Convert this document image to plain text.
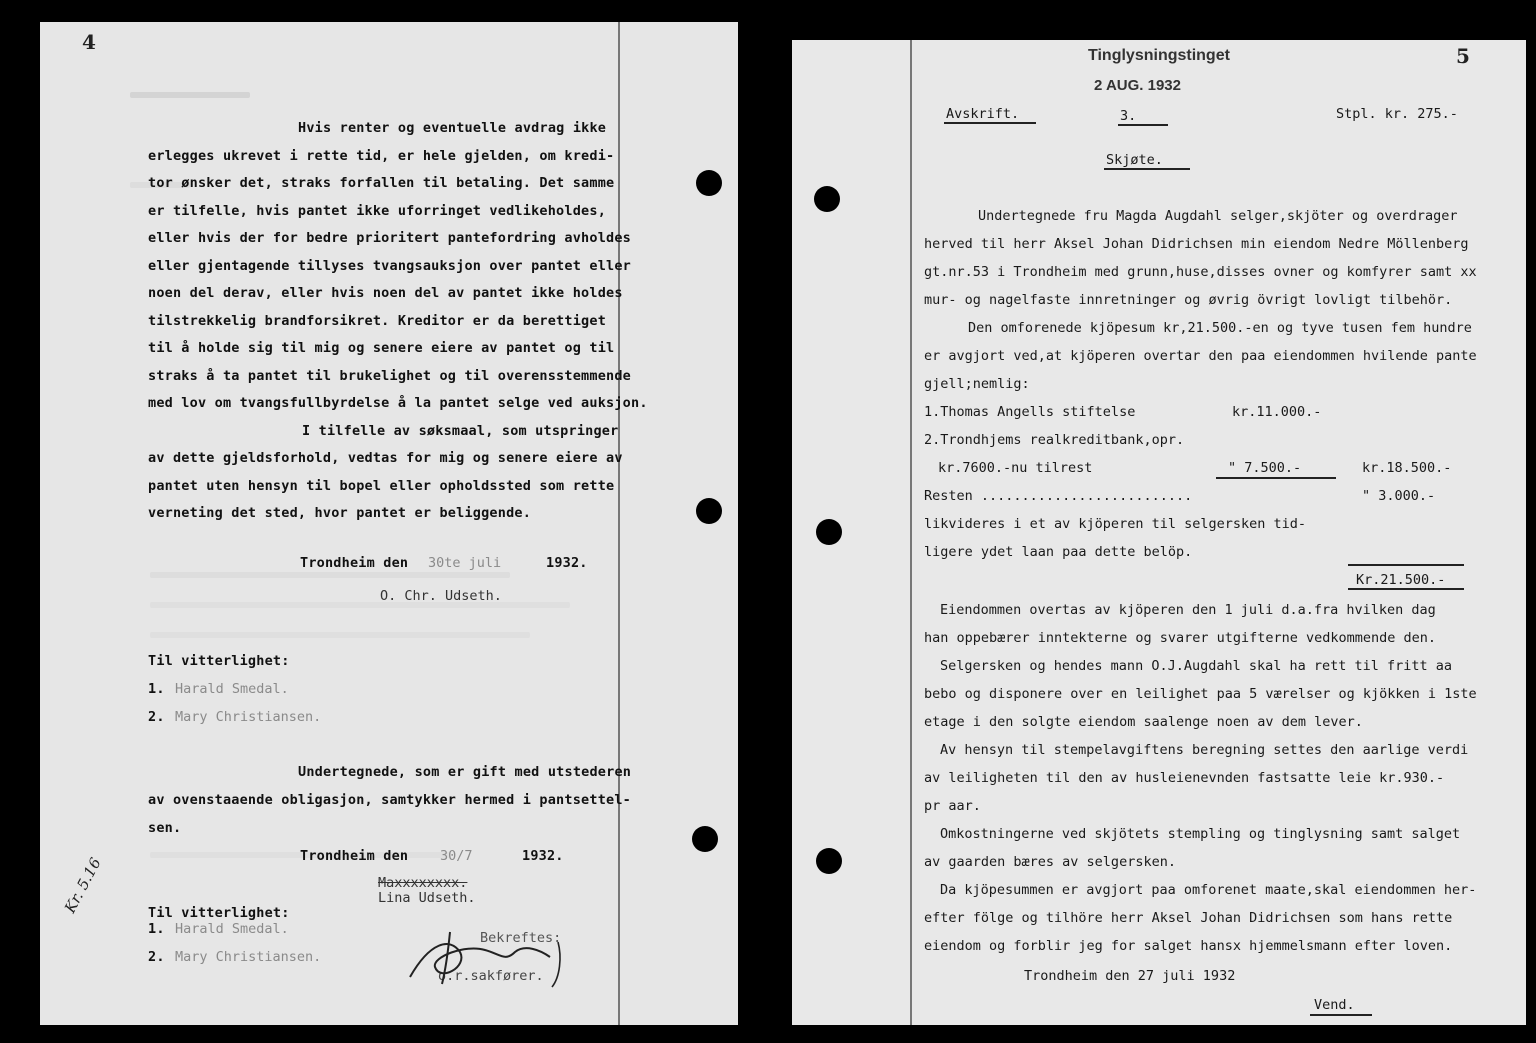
4
Hvis renter og eventuelle avdrag ikke
erlegges ukrevet i rette tid, er hele gjelden, om kredi-
tor ønsker det, straks forfallen til betaling. Det samme
er tilfelle, hvis pantet ikke uforringet vedlikeholdes,
eller hvis der for bedre prioritert pantefordring avholdes
eller gjentagende tillyses tvangsauksjon over pantet eller
noen del derav, eller hvis noen del av pantet ikke holdes
tilstrekkelig brandforsikret. Kreditor er da berettiget
til å holde sig til mig og senere eiere av pantet og til
straks å ta pantet til brukelighet og til overensstemmende
med lov om tvangsfullbyrdelse å la pantet selge ved auksjon.
I tilfelle av søksmaal, som utspringer
av dette gjeldsforhold, vedtas for mig og senere eiere av
pantet uten hensyn til bopel eller opholdssted som rette
verneting det sted, hvor pantet er beliggende.
Trondheim den 30te juli	1932.
O. Chr. Udseth.
Til vitterlighet:
1. Harald Smedal.
2. Mary Christiansen.
Undertegnede, som er gift med utstederen
av ovenstaaende obligasjon, samtykker hermed i pantsettel-
sen.
Trondheim den 30/7	1932.
Maxxxxxxxx.
Lina Udseth.
Til vitterlighet:
1. Harald Smedal.
2. Mary Christiansen.
Bekreftes:
o.r.sakfører.
Kr. 5.16
5
Tinglysningstinget
2 AUG. 1932
Avskrift.	3.	Stpl. kr. 275.-
Skjøte.
Undertegnede fru Magda Augdahl selger,skjöter og overdrager
herved til herr Aksel Johan Didrichsen min eiendom Nedre Möllenberg
gt.nr.53 i Trondheim med grunn,huse,disses ovner og komfyrer samt xx
mur- og nagelfaste innretninger og øvrig övrigt lovligt tilbehör.
Den omforenede kjöpesum kr,21.500.-en og tyve tusen fem hundre
er avgjort ved,at kjöperen overtar den paa eiendommen hvilende pante
gjell;nemlig:
1.Thomas Angells stiftelse	kr.11.000.-
2.Trondhjems realkreditbank,opr.
kr.7600.-nu tilrest	" 7.500.-	kr.18.500.-
Resten ..........................	" 3.000.-
likvideres i et av kjöperen til selgersken tid-
ligere ydet laan paa dette belöp.
Kr.21.500.-
Eiendommen overtas av kjöperen den 1 juli d.a.fra hvilken dag
han oppebærer inntekterne og svarer utgifterne vedkommende den.
Selgersken og hendes mann O.J.Augdahl skal ha rett til fritt aa
bebo og disponere over en leilighet paa 5 værelser og kjökken i 1ste
etage i den solgte eiendom saalenge noen av dem lever.
Av hensyn til stempelavgiftens beregning settes den aarlige verdi
av leiligheten til den av husleienevnden fastsatte leie kr.930.-
pr aar.
Omkostningerne ved skjötets stempling og tinglysning samt salget
av gaarden bæres av selgersken.
Da kjöpesummen er avgjort paa omforenet maate,skal eiendommen her-
efter fölge og tilhöre herr Aksel Johan Didrichsen som hans rette
eiendom og forblir jeg for salget hansx hjemmelsmann efter loven.
Trondheim den 27 juli 1932
Vend.
